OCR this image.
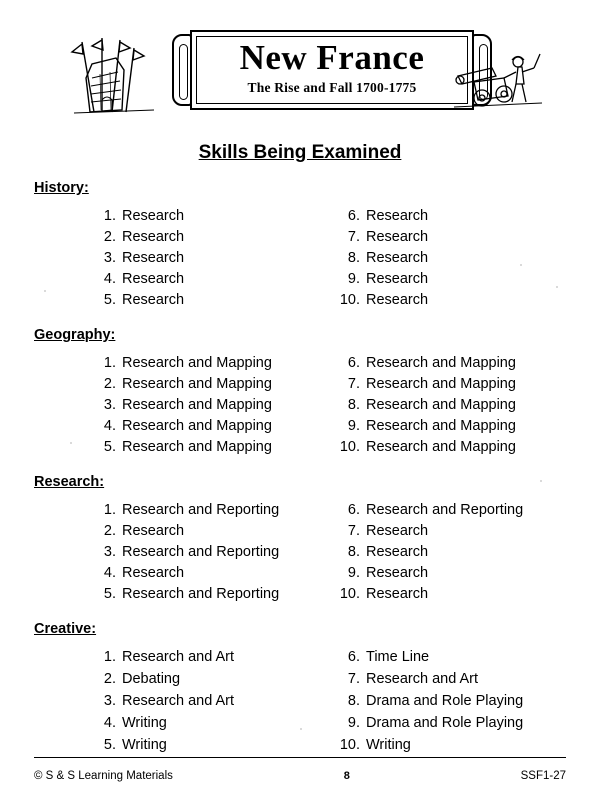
New France
The Rise and Fall 1700-1775
Skills Being Examined
History:
1. Research
2. Research
3. Research
4. Research
5. Research
6. Research
7. Research
8. Research
9. Research
10. Research
Geography:
1. Research and Mapping
2. Research and Mapping
3. Research and Mapping
4. Research and Mapping
5. Research and Mapping
6. Research and Mapping
7. Research and Mapping
8. Research and Mapping
9. Research and Mapping
10. Research and Mapping
Research:
1. Research and Reporting
2. Research
3. Research and Reporting
4. Research
5. Research and Reporting
6. Research and Reporting
7. Research
8. Research
9. Research
10. Research
Creative:
1. Research and Art
2. Debating
3. Research and Art
4. Writing
5. Writing
6. Time Line
7. Research and Art
8. Drama and Role Playing
9. Drama and Role Playing
10. Writing
© S & S Learning Materials	8	SSF1-27
